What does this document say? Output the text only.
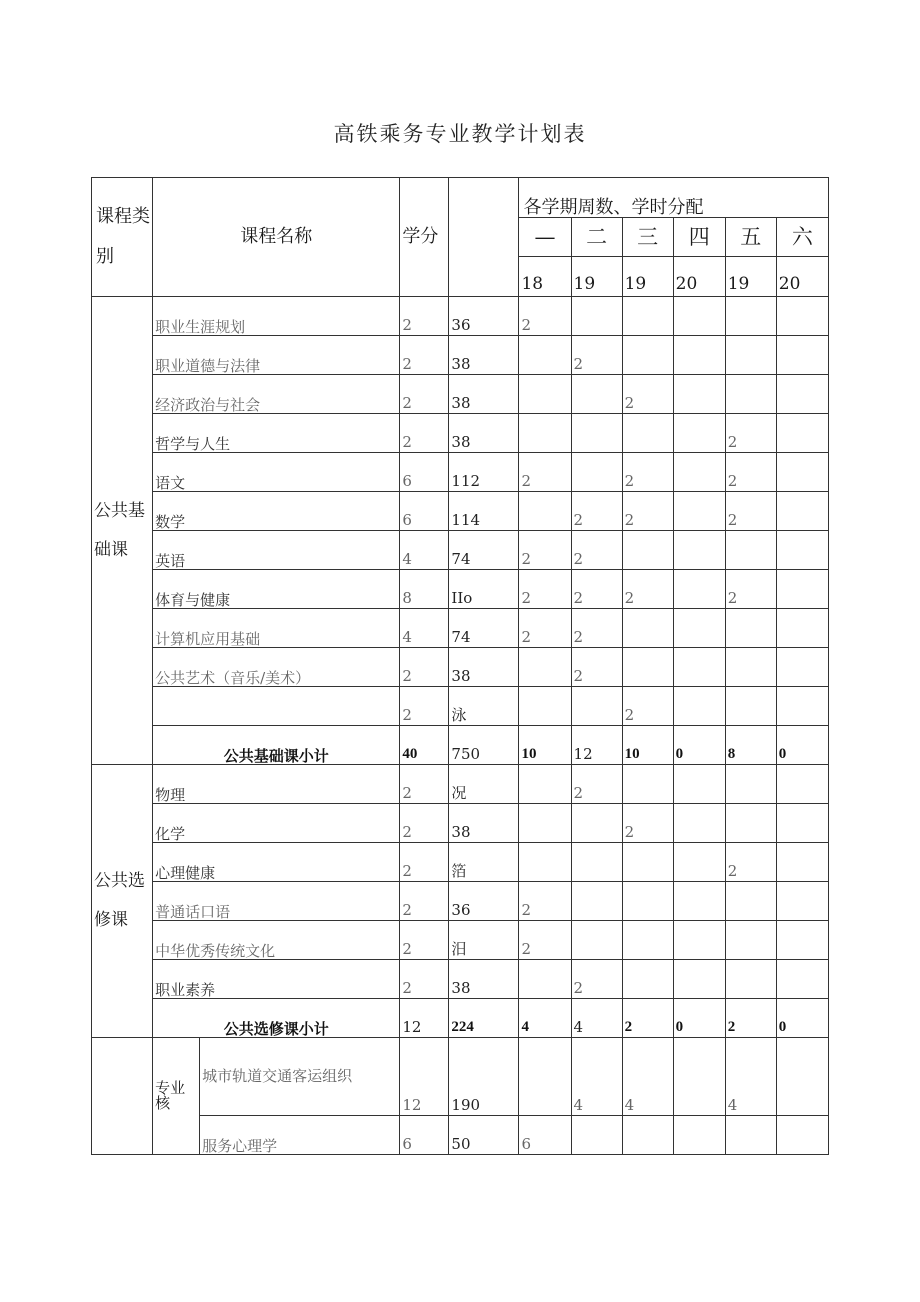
高铁乘务专业教学计划表
课程类别	课程名称		学分		各学期周数、学时分配					
					—	二	三	四	五	六
					18	19	19	20	19	20
公共基础课	职业生涯规划		2	36	2					
	职业道德与法律		2	38		2				
	经济政治与社会		2	38			2			
	哲学与人生		2	38					2	
	语文		6	112	2		2		2	
	数学		6	114		2	2		2	
	英语		4	74	2	2				
	体育与健康		8	IIo	2	2	2		2	
	计算机应用基础		4	74	2	2				
	公共艺术（音乐/美术）		2	38		2				
			2	泳			2			
	公共基础课小计		40	750	10	12	10	0	8	0
公共选修课	物理		2	况		2				
	化学		2	38			2			
	心理健康		2	箔					2	
	普通话口语		2	36	2					
	中华优秀传统文化		2	汨	2					
	职业素养		2	38		2				
	公共选修课小计		12	224	4	4	2	0	2	0
	专业核	城市轨道交通客运组织	12	190		4	4		4	
		服务心理学	6	50	6					
